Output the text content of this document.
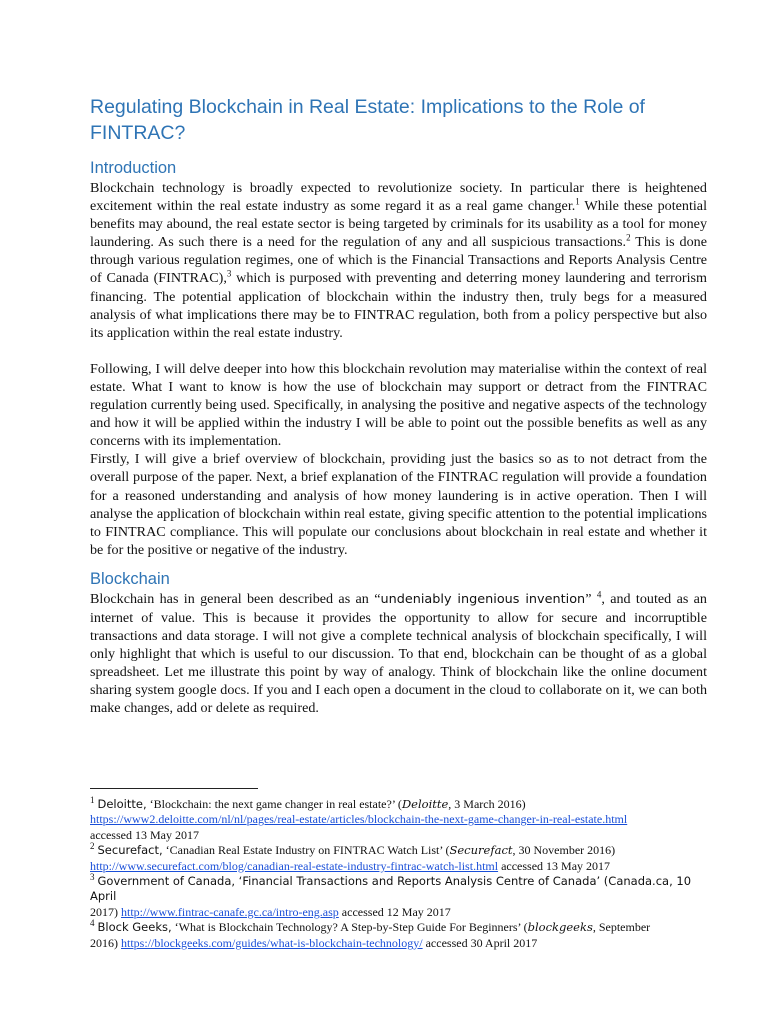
Regulating Blockchain in Real Estate: Implications to the Role of FINTRAC?
Introduction

Blockchain technology is broadly expected to revolutionize society. In particular there is heightened excitement within the real estate industry as some regard it as a real game changer.$^1$ While these potential benefits may abound, the real estate sector is being targeted by criminals for its usability as a tool for money laundering. As such there is a need for the regulation of any and all suspicious transactions.$^2$ This is done through various regulation regimes, one of which is the Financial Transactions and Reports Analysis Centre of Canada (FINTRAC),$^3$ which is purposed with preventing and deterring money laundering and terrorism financing. The potential application of blockchain within the industry then, truly begs for a measured analysis of what implications there may be to FINTRAC regulation, both from a policy perspective but also its application within the real estate industry.

Following, I will delve deeper into how this blockchain revolution may materialise within the context of real estate. What I want to know is how the use of blockchain may support or detract from the FINTRAC regulation currently being used. Specifically, in analysing the positive and negative aspects of the technology and how it will be applied within the industry I will be able to point out the possible benefits as well as any concerns with its implementation.

Firstly, I will give a brief overview of blockchain, providing just the basics so as to not detract from the overall purpose of the paper. Next, a brief explanation of the FINTRAC regulation will provide a foundation for a reasoned understanding and analysis of how money laundering is in active operation. Then I will analyse the application of blockchain within real estate, giving specific attention to the potential implications to FINTRAC compliance. This will populate our conclusions about blockchain in real estate and whether it be for the positive or negative of the industry.

Blockchain

Blockchain has in general been described as an “undeniably ingenious invention” $^4$, and touted as an internet of value. This is because it provides the opportunity to allow for secure and incorruptible transactions and data storage. I will not give a complete technical analysis of blockchain specifically, I will only highlight that which is useful to our discussion. To that end, blockchain can be thought of as a global spreadsheet. Let me illustrate this point by way of analogy. Think of blockchain like the online document sharing system google docs. If you and I each open a document in the cloud to collaborate on it, we can both make changes, add or delete as required.

$^1$ Deloitte, ‘Blockchain: the next game changer in real estate?’ (Deloitte, 3 March 2016)
https://www2.deloitte.com/nl/nl/pages/real-estate/articles/blockchain-the-next-game-changer-in-real-estate.html
accessed 13 May 2017

$^2$ Securefact, ‘Canadian Real Estate Industry on FINTRAC Watch List’ (Securefact, 30 November 2016)
http://www.securefact.com/blog/canadian-real-estate-industry-fintrac-watch-list.html accessed 13 May 2017

$^3$ Government of Canada, ‘Financial Transactions and Reports Analysis Centre of Canada’ (Canada.ca, 10 April
2017) http://www.fintrac-canafe.gc.ca/intro-eng.asp accessed 12 May 2017

$^4$ Block Geeks, ‘What is Blockchain Technology? A Step-by-Step Guide For Beginners’ (blockgeeks, September
2016) https://blockgeeks.com/guides/what-is-blockchain-technology/ accessed 30 April 2017
